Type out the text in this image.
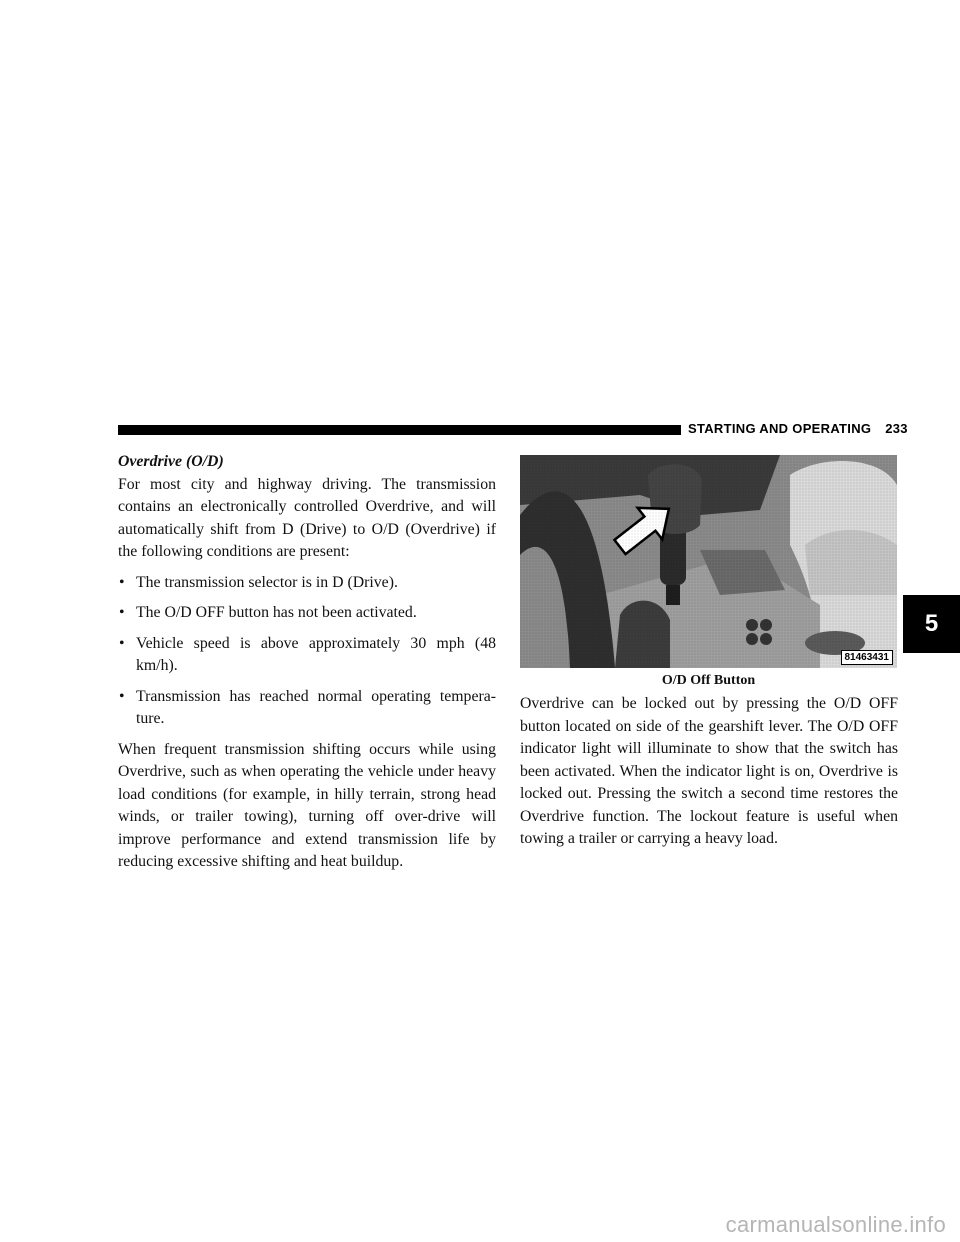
STARTING AND OPERATING 233

Overdrive (O/D)

For most city and highway driving. The transmission contains an electronically controlled Overdrive, and will automatically shift from D (Drive) to O/D (Overdrive) if the following conditions are present:

• The transmission selector is in D (Drive).
• The O/D OFF button has not been activated.
• Vehicle speed is above approximately 30 mph (48 km/h).
• Transmission has reached normal operating tempera-ture.

When frequent transmission shifting occurs while using Overdrive, such as when operating the vehicle under heavy load conditions (for example, in hilly terrain, strong head winds, or trailer towing), turning off over-drive will improve performance and extend transmission life by reducing excessive shifting and heat buildup.

81463431
O/D Off Button

Overdrive can be locked out by pressing the O/D OFF button located on side of the gearshift lever. The O/D OFF indicator light will illuminate to show that the switch has been activated. When the indicator light is on, Overdrive is locked out. Pressing the switch a second time restores the Overdrive function. The lockout feature is useful when towing a trailer or carrying a heavy load.

5
carmanualsonline.info
